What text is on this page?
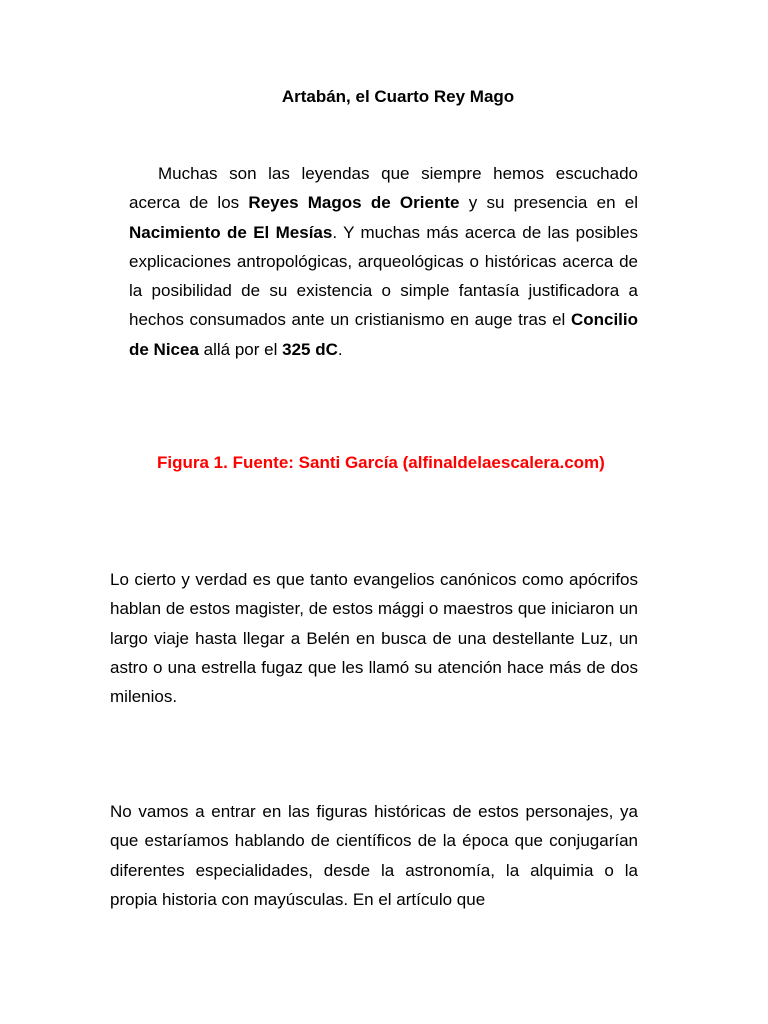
Artabán, el Cuarto Rey Mago

Muchas son las leyendas que siempre hemos escuchado acerca de los Reyes Magos de Oriente y su presencia en el Nacimiento de El Mesías. Y muchas más acerca de las posibles explicaciones antropológicas, arqueológicas o históricas acerca de la posibilidad de su existencia o simple fantasía justificadora a hechos consumados ante un cristianismo en auge tras el Concilio de Nicea allá por el 325 dC.

Figura 1. Fuente: Santi García (alfinaldelaescalera.com)

Lo cierto y verdad es que tanto evangelios canónicos como apócrifos hablan de estos magister, de estos mággi o maestros que iniciaron un largo viaje hasta llegar a Belén en busca de una destellante Luz, un astro o una estrella fugaz que les llamó su atención hace más de dos milenios.

No vamos a entrar en las figuras históricas de estos personajes, ya que estaríamos hablando de científicos de la época que conjugarían diferentes especialidades, desde la astronomía, la alquimia o la propia historia con mayúsculas. En el artículo que
